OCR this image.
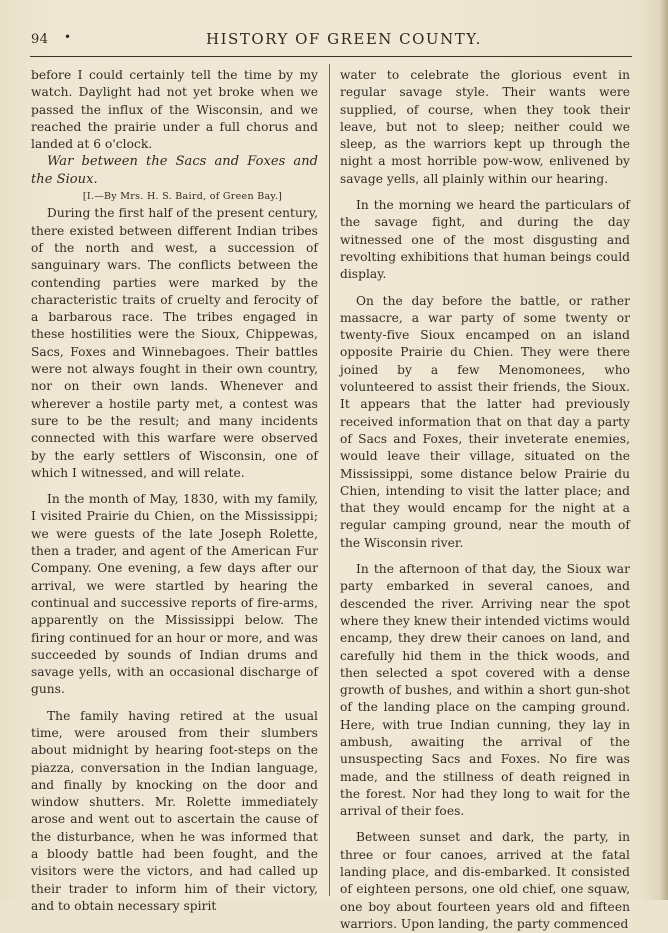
94 •	HISTORY OF GREEN COUNTY.

before I could certainly tell the time by my watch. Daylight had not yet broke when we passed the influx of the Wisconsin, and we reached the prairie under a full chorus and landed at 6 o'clock.

War between the Sacs and Foxes and the Sioux.

[I.—By Mrs. H. S. Baird, of Green Bay.]

During the first half of the present century, there existed between different Indian tribes of the north and west, a succession of sanguinary wars. The conflicts between the contending parties were marked by the characteristic traits of cruelty and ferocity of a barbarous race. The tribes engaged in these hostilities were the Sioux, Chippewas, Sacs, Foxes and Winnebagoes. Their battles were not always fought in their own country, nor on their own lands. Whenever and wherever a hostile party met, a contest was sure to be the result; and many incidents connected with this warfare were observed by the early settlers of Wisconsin, one of which I witnessed, and will relate.

In the month of May, 1830, with my family, I visited Prairie du Chien, on the Mississippi; we were guests of the late Joseph Rolette, then a trader, and agent of the American Fur Company. One evening, a few days after our arrival, we were startled by hearing the continual and successive reports of fire-arms, apparently on the Mississippi below. The firing continued for an hour or more, and was succeeded by sounds of Indian drums and savage yells, with an occasional discharge of guns.

The family having retired at the usual time, were aroused from their slumbers about midnight by hearing foot-steps on the piazza, conversation in the Indian language, and finally by knocking on the door and window shutters. Mr. Rolette immediately arose and went out to ascertain the cause of the disturbance, when he was informed that a bloody battle had been fought, and the visitors were the victors, and had called up their trader to inform him of their victory, and to obtain necessary spirit

water to celebrate the glorious event in regular savage style. Their wants were supplied, of course, when they took their leave, but not to sleep; neither could we sleep, as the warriors kept up through the night a most horrible pow-wow, enlivened by savage yells, all plainly within our hearing.

In the morning we heard the particulars of the savage fight, and during the day witnessed one of the most disgusting and revolting exhibitions that human beings could display.

On the day before the battle, or rather massacre, a war party of some twenty or twenty-five Sioux encamped on an island opposite Prairie du Chien. They were there joined by a few Menomonees, who volunteered to assist their friends, the Sioux. It appears that the latter had previously received information that on that day a party of Sacs and Foxes, their inveterate enemies, would leave their village, situated on the Mississippi, some distance below Prairie du Chien, intending to visit the latter place; and that they would encamp for the night at a regular camping ground, near the mouth of the Wisconsin river.

In the afternoon of that day, the Sioux war party embarked in several canoes, and descended the river. Arriving near the spot where they knew their intended victims would encamp, they drew their canoes on land, and carefully hid them in the thick woods, and then selected a spot covered with a dense growth of bushes, and within a short gun-shot of the landing place on the camping ground. Here, with true Indian cunning, they lay in ambush, awaiting the arrival of the unsuspecting Sacs and Foxes. No fire was made, and the stillness of death reigned in the forest. Nor had they long to wait for the arrival of their foes.

Between sunset and dark, the party, in three or four canoes, arrived at the fatal landing place, and dis-embarked. It consisted of eighteen persons, one old chief, one squaw, one boy about fourteen years old and fifteen warriors. Upon landing, the party commenced
